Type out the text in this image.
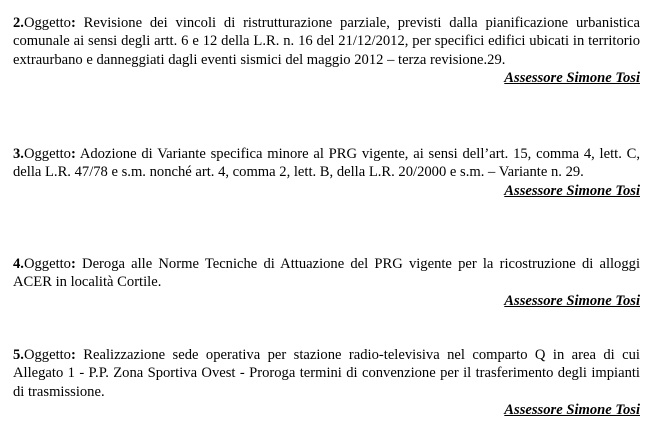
2.Oggetto: Revisione dei vincoli di ristrutturazione parziale, previsti dalla pianificazione urbanistica comunale ai sensi degli artt. 6 e 12 della L.R. n. 16 del 21/12/2012, per specifici edifici ubicati in territorio extraurbano e danneggiati dagli eventi sismici del maggio 2012 – terza revisione.29.

Assessore Simone Tosi

3.Oggetto: Adozione di Variante specifica minore al PRG vigente, ai sensi dell’art. 15, comma 4, lett. C, della L.R. 47/78 e s.m. nonché art. 4, comma 2, lett. B, della L.R. 20/2000 e s.m. – Variante n. 29.

Assessore Simone Tosi

4.Oggetto: Deroga alle Norme Tecniche di Attuazione del PRG vigente per la ricostruzione di alloggi ACER in località Cortile.

Assessore Simone Tosi

5.Oggetto: Realizzazione sede operativa per stazione radio-televisiva nel comparto Q in area di cui Allegato 1 - P.P. Zona Sportiva Ovest - Proroga termini di convenzione per il trasferimento degli impianti di trasmissione.

Assessore Simone Tosi
